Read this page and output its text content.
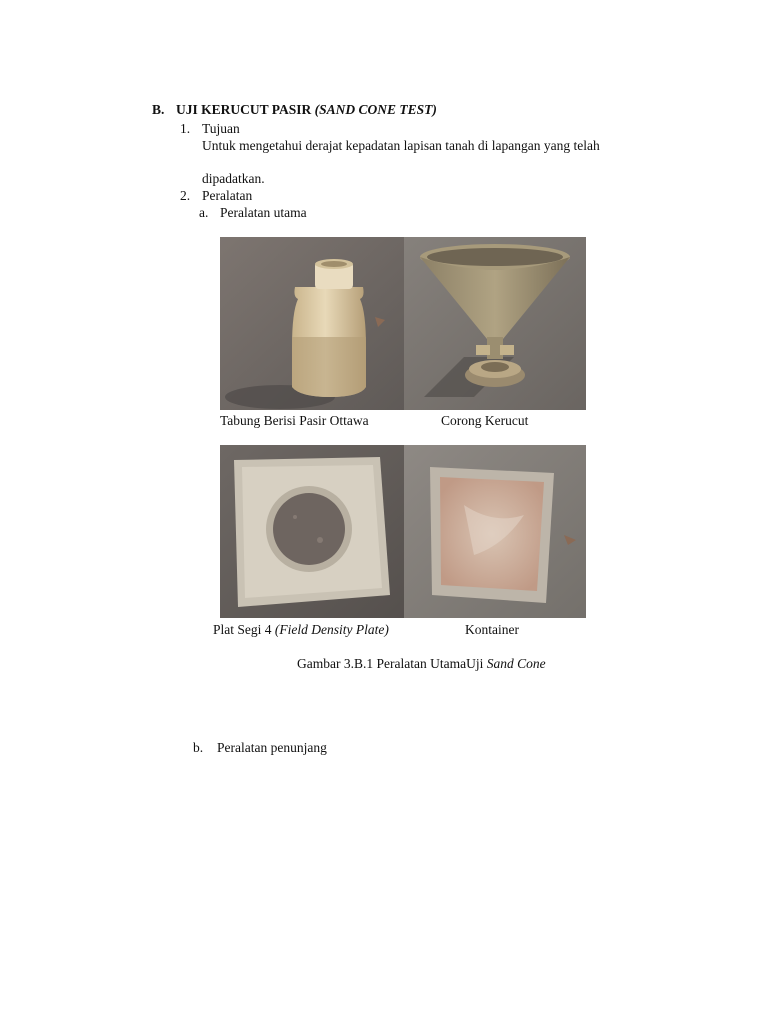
B. UJI KERUCUT PASIR (SAND CONE TEST)
1. Tujuan
Untuk mengetahui derajat kepadatan lapisan tanah di lapangan yang telah
dipadatkan.
2. Peralatan
a. Peralatan utama
Tabung Berisi Pasir Ottawa	Corong Kerucut
Plat Segi 4 (Field Density Plate)	Kontainer
Gambar 3.B.1 Peralatan UtamaUji Sand Cone
b. Peralatan penunjang
